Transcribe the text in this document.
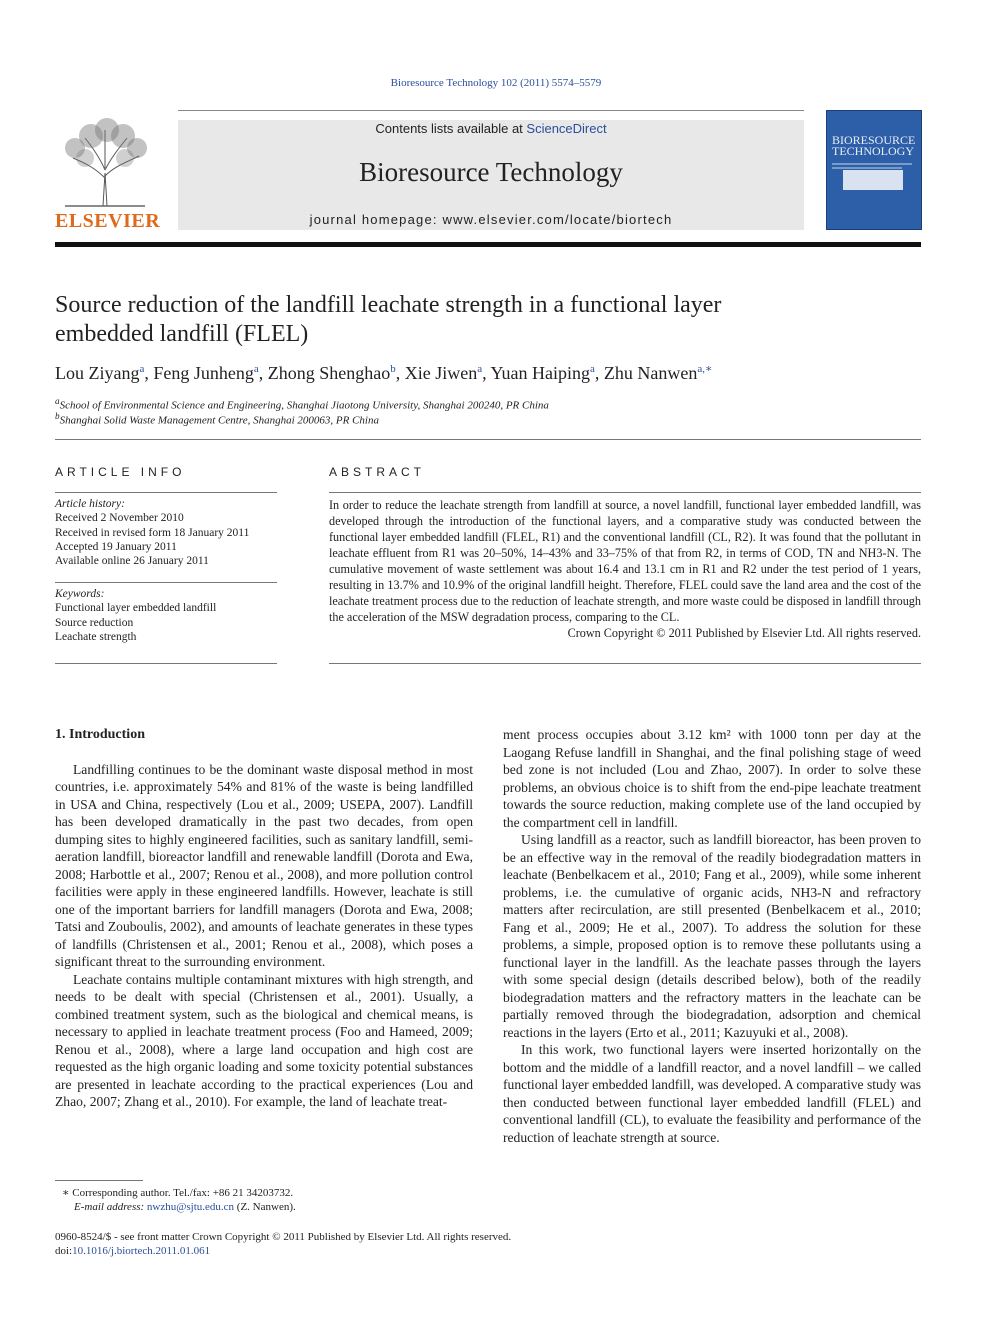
Bioresource Technology 102 (2011) 5574–5579
ELSEVIER
Contents lists available at ScienceDirect
Bioresource Technology
journal homepage: www.elsevier.com/locate/biortech
BIORESOURCE
TECHNOLOGY
Source reduction of the landfill leachate strength in a functional layer
embedded landfill (FLEL)
Lou Ziyang$^a$, Feng Junheng$^a$, Zhong Shenghao$^b$, Xie Jiwen$^a$, Yuan Haiping$^a$, Zhu Nanwen$^{a,∗}$
$^a$School of Environmental Science and Engineering, Shanghai Jiaotong University, Shanghai 200240, PR China
$^b$Shanghai Solid Waste Management Centre, Shanghai 200063, PR China
ARTICLE INFO
Article history:
Received 2 November 2010
Received in revised form 18 January 2011
Accepted 19 January 2011
Available online 26 January 2011
Keywords:
Functional layer embedded landfill
Source reduction
Leachate strength
ABSTRACT
In order to reduce the leachate strength from landfill at source, a novel landfill, functional layer embedded landfill, was developed through the introduction of the functional layers, and a comparative study was conducted between the functional layer embedded landfill (FLEL, R1) and the conventional landfill (CL, R2). It was found that the pollutant in leachate effluent from R1 was 20–50%, 14–43% and 33–75% of that from R2, in terms of COD, TN and NH3-N. The cumulative movement of waste settlement was about 16.4 and 13.1 cm in R1 and R2 under the test period of 1 years, resulting in 13.7% and 10.9% of the original landfill height. Therefore, FLEL could save the land area and the cost of the leachate treatment process due to the reduction of leachate strength, and more waste could be disposed in landfill through the acceleration of the MSW degradation process, comparing to the CL.
Crown Copyright © 2011 Published by Elsevier Ltd. All rights reserved.

1. Introduction

Landfilling continues to be the dominant waste disposal method in most countries, i.e. approximately 54% and 81% of the waste is being landfilled in USA and China, respectively (Lou et al., 2009; USEPA, 2007). Landfill has been developed dramatically in the past two decades, from open dumping sites to highly engineered facilities, such as sanitary landfill, semi-aeration landfill, bioreactor landfill and renewable landfill (Dorota and Ewa, 2008; Harbottle et al., 2007; Renou et al., 2008), and more pollution control facilities were apply in these engineered landfills. However, leachate is still one of the important barriers for landfill managers (Dorota and Ewa, 2008; Tatsi and Zouboulis, 2002), and amounts of leachate generates in these types of landfills (Christensen et al., 2001; Renou et al., 2008), which poses a significant threat to the surrounding environment.

Leachate contains multiple contaminant mixtures with high strength, and needs to be dealt with special (Christensen et al., 2001). Usually, a combined treatment system, such as the biological and chemical means, is necessary to applied in leachate treatment process (Foo and Hameed, 2009; Renou et al., 2008), where a large land occupation and high cost are requested as the high organic loading and some toxicity potential substances are presented in leachate according to the practical experiences (Lou and Zhao, 2007; Zhang et al., 2010). For example, the land of leachate treat-

ment process occupies about 3.12 km² with 1000 tonn per day at the Laogang Refuse landfill in Shanghai, and the final polishing stage of weed bed zone is not included (Lou and Zhao, 2007). In order to solve these problems, an obvious choice is to shift from the end-pipe leachate treatment towards the source reduction, making complete use of the land occupied by the compartment cell in landfill.

Using landfill as a reactor, such as landfill bioreactor, has been proven to be an effective way in the removal of the readily biodegradation matters in leachate (Benbelkacem et al., 2010; Fang et al., 2009), while some inherent problems, i.e. the cumulative of organic acids, NH3-N and refractory matters after recirculation, are still presented (Benbelkacem et al., 2010; Fang et al., 2009; He et al., 2007). To address the solution for these problems, a simple, proposed option is to remove these pollutants using a functional layer in the landfill. As the leachate passes through the layers with some special design (details described below), both of the readily biodegradation matters and the refractory matters in the leachate can be partially removed through the biodegradation, adsorption and chemical reactions in the layers (Erto et al., 2011; Kazuyuki et al., 2008).

In this work, two functional layers were inserted horizontally on the bottom and the middle of a landfill reactor, and a novel landfill – we called functional layer embedded landfill, was developed. A comparative study was then conducted between functional layer embedded landfill (FLEL) and conventional landfill (CL), to evaluate the feasibility and performance of the reduction of leachate strength at source.

∗ Corresponding author. Tel./fax: +86 21 34203732.
E-mail address: nwzhu@sjtu.edu.cn (Z. Nanwen).
0960-8524/$ - see front matter Crown Copyright © 2011 Published by Elsevier Ltd. All rights reserved.
doi:10.1016/j.biortech.2011.01.061
